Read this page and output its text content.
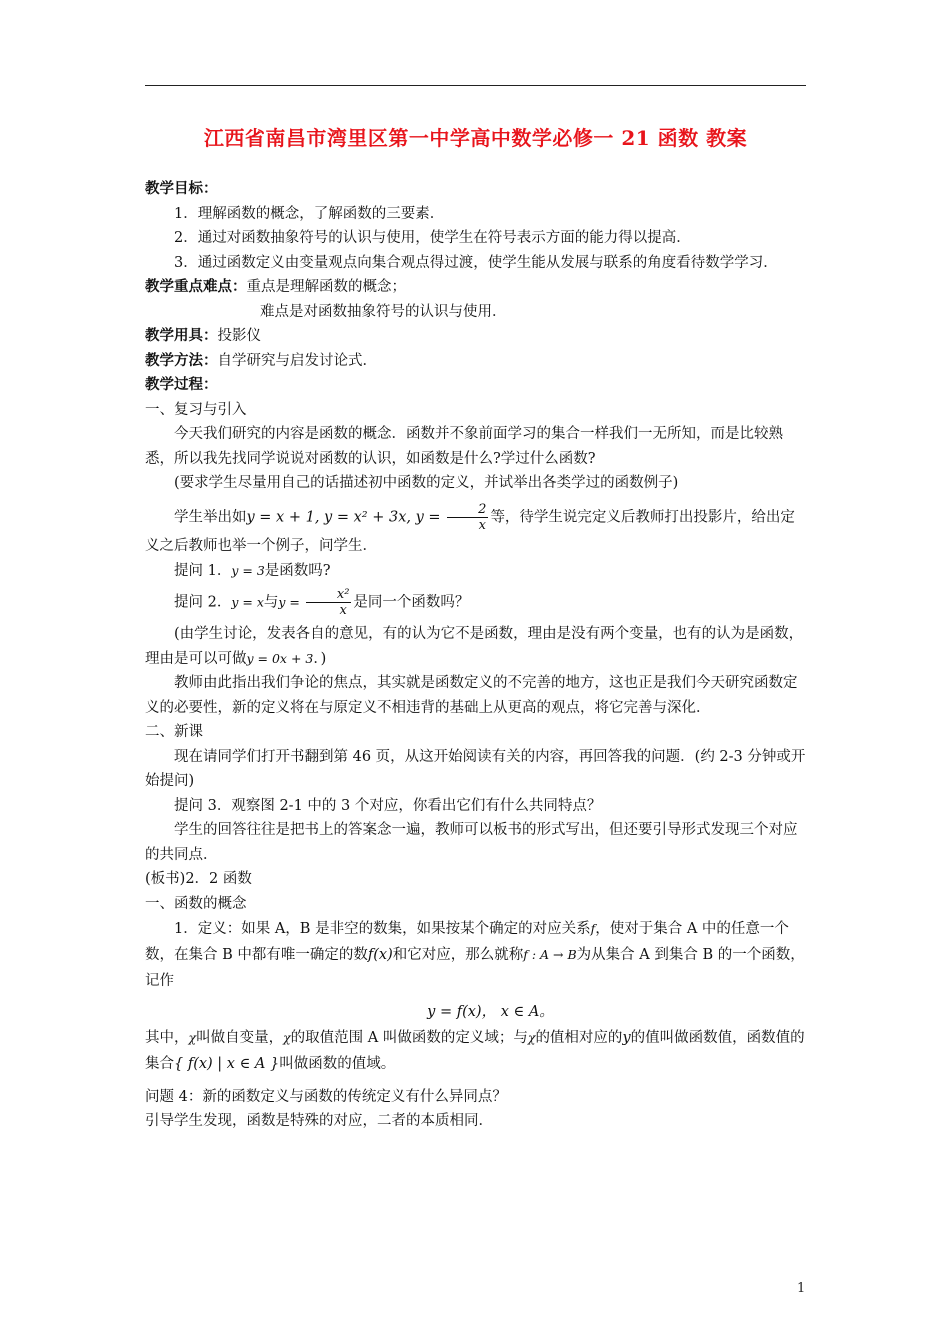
江西省南昌市湾里区第一中学高中数学必修一 21 函数 教案

教学目标：

1．理解函数的概念，了解函数的三要素．

2．通过对函数抽象符号的认识与使用，使学生在符号表示方面的能力得以提高．

3．通过函数定义由变量观点向集合观点得过渡，使学生能从发展与联系的角度看待数学学习．

教学重点难点：重点是理解函数的概念；

难点是对函数抽象符号的认识与使用．

教学用具：投影仪

教学方法：自学研究与启发讨论式．

教学过程：

一、复习与引入

今天我们研究的内容是函数的概念．函数并不象前面学习的集合一样我们一无所知，而是比较熟悉，所以我先找同学说说对函数的认识，如函数是什么?学过什么函数?

(要求学生尽量用自己的话描述初中函数的定义，并试举出各类学过的函数例子)

学生举出如y = x + 1, y = x² + 3x, $y = \frac{2}{x}$ 等，待学生说完定义后教师打出投影片，给出定义之后教师也举一个例子，问学生．

提问 1．y = 3是函数吗?

提问 2．y = x与$y = \frac{\text{x²}}{x}$ 是同一个函数吗？

(由学生讨论，发表各自的意见，有的认为它不是函数，理由是没有两个变量，也有的认为是函数，理由是可以可做y = 0x + 3．)

教师由此指出我们争论的焦点，其实就是函数定义的不完善的地方，这也正是我们今天研究函数定义的必要性，新的定义将在与原定义不相违背的基础上从更高的观点，将它完善与深化．

二、新课

现在请同学们打开书翻到第 46 页，从这开始阅读有关的内容，再回答我的问题．(约 2-3 分钟或开始提问)

提问 3．观察图 2-1 中的 3 个对应，你看出它们有什么共同特点？

学生的回答往往是把书上的答案念一遍，教师可以板书的形式写出，但还要引导形式发现三个对应的共同点．

(板书)2．2 函数

一、函数的概念

1．定义：如果 A，B 是非空的数集，如果按某个确定的对应关系f，使对于集合 A 中的任意一个数，在集合 B 中都有唯一确定的数f(x)和它对应，那么就称f : A → B为从集合 A 到集合 B 的一个函数，记作

y = f(x)， x ∈ A。

其中，χ叫做自变量，χ的取值范围 A 叫做函数的定义域；与χ的值相对应的y的值叫做函数值，函数值的集合{ f(x) | x ∈ A }叫做函数的值域。

问题 4：新的函数定义与函数的传统定义有什么异同点？

引导学生发现，函数是特殊的对应，二者的本质相同．

1
